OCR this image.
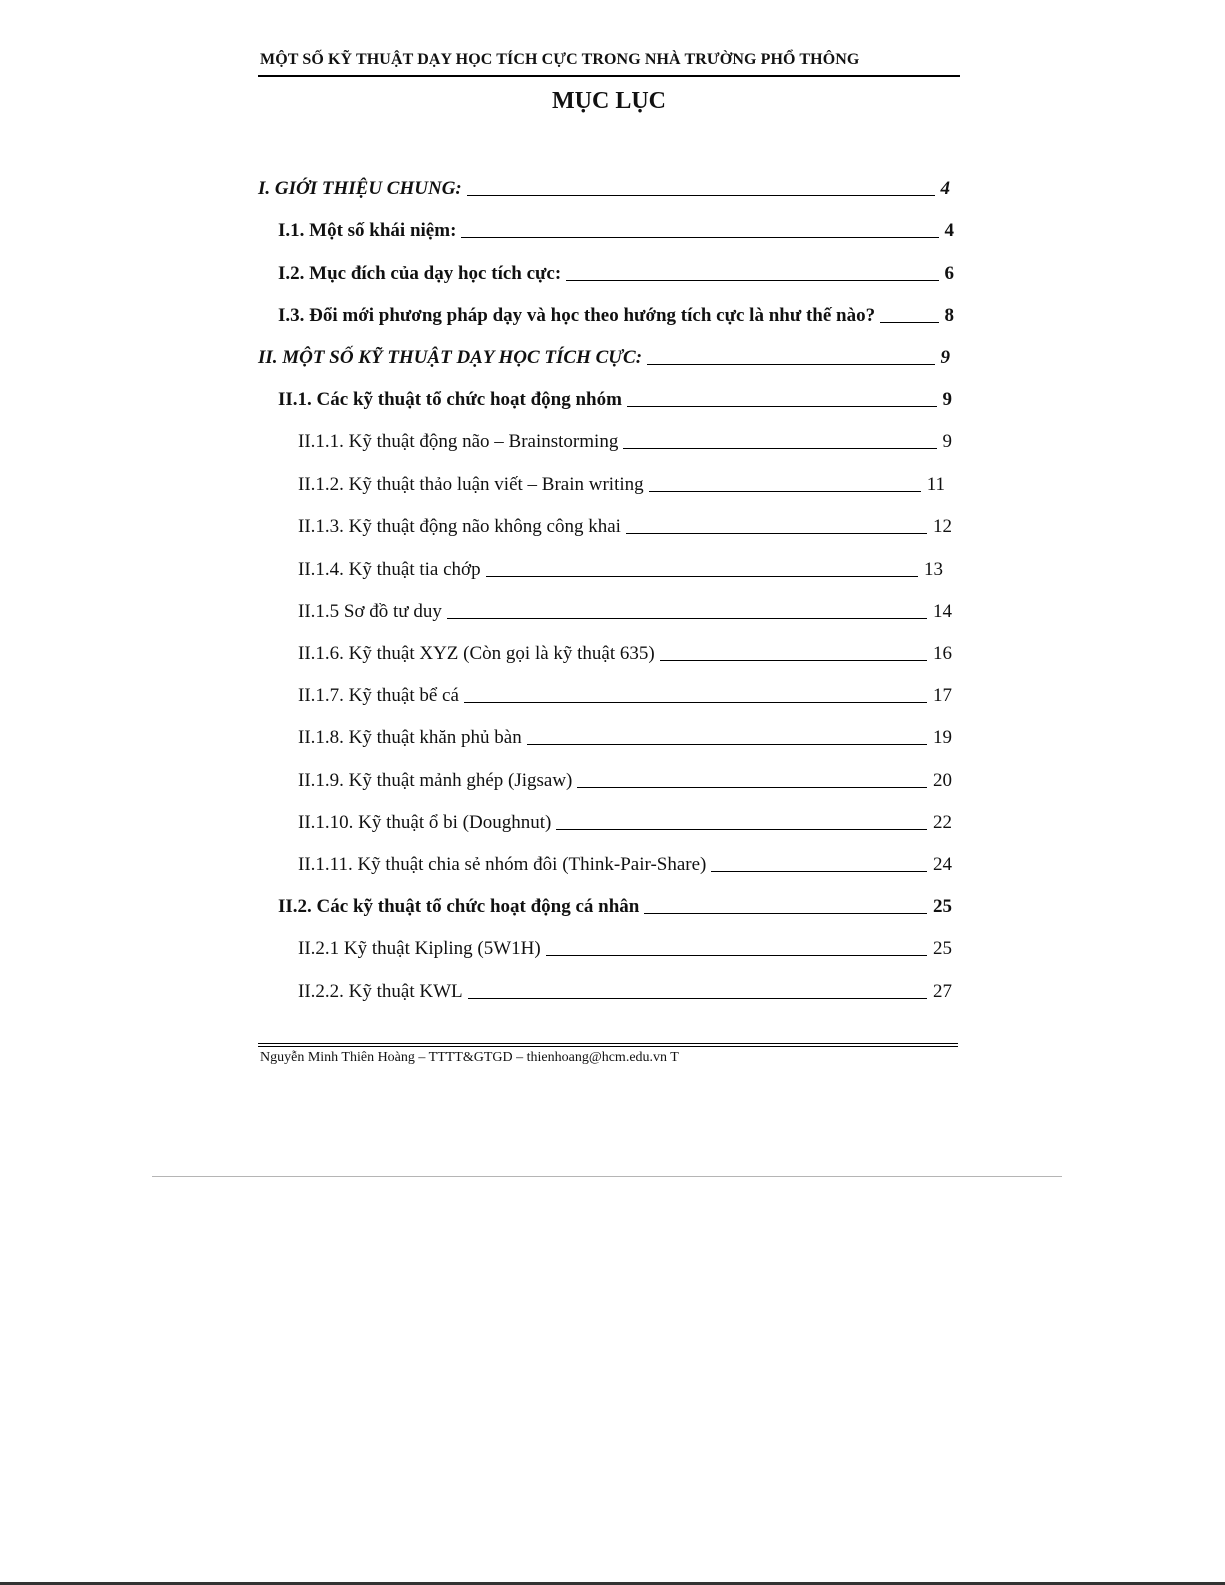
MỘT SỐ KỸ THUẬT DẠY HỌC TÍCH CỰC TRONG NHÀ TRƯỜNG PHỔ THÔNG
MỤC LỤC
I. GIỚI THIỆU CHUNG:	4
I.1. Một số khái niệm:	4
I.2. Mục đích của dạy học tích cực:	6
I.3. Đổi mới phương pháp dạy và học theo hướng tích cực là như thế nào?	8
II. MỘT SỐ KỸ THUẬT DẠY HỌC TÍCH CỰC:	9
II.1. Các kỹ thuật tổ chức hoạt động nhóm	9
II.1.1. Kỹ thuật động não – Brainstorming	9
II.1.2. Kỹ thuật thảo luận viết – Brain writing	11
II.1.3. Kỹ thuật động não không công khai	12
II.1.4. Kỹ thuật tia chớp	13
II.1.5 Sơ đồ tư duy	14
II.1.6. Kỹ thuật XYZ (Còn gọi là kỹ thuật 635)	16
II.1.7. Kỹ thuật bể cá	17
II.1.8. Kỹ thuật khăn phủ bàn	19
II.1.9. Kỹ thuật mảnh ghép (Jigsaw)	20
II.1.10. Kỹ thuật ổ bi (Doughnut)	22
II.1.11. Kỹ thuật chia sẻ nhóm đôi (Think-Pair-Share)	24
II.2. Các kỹ thuật tổ chức hoạt động cá nhân	25
II.2.1 Kỹ thuật Kipling (5W1H)	25
II.2.2. Kỹ thuật KWL	27
Nguyễn Minh Thiên Hoàng – TTTT&GTGD – thienhoang@hcm.edu.vn T
